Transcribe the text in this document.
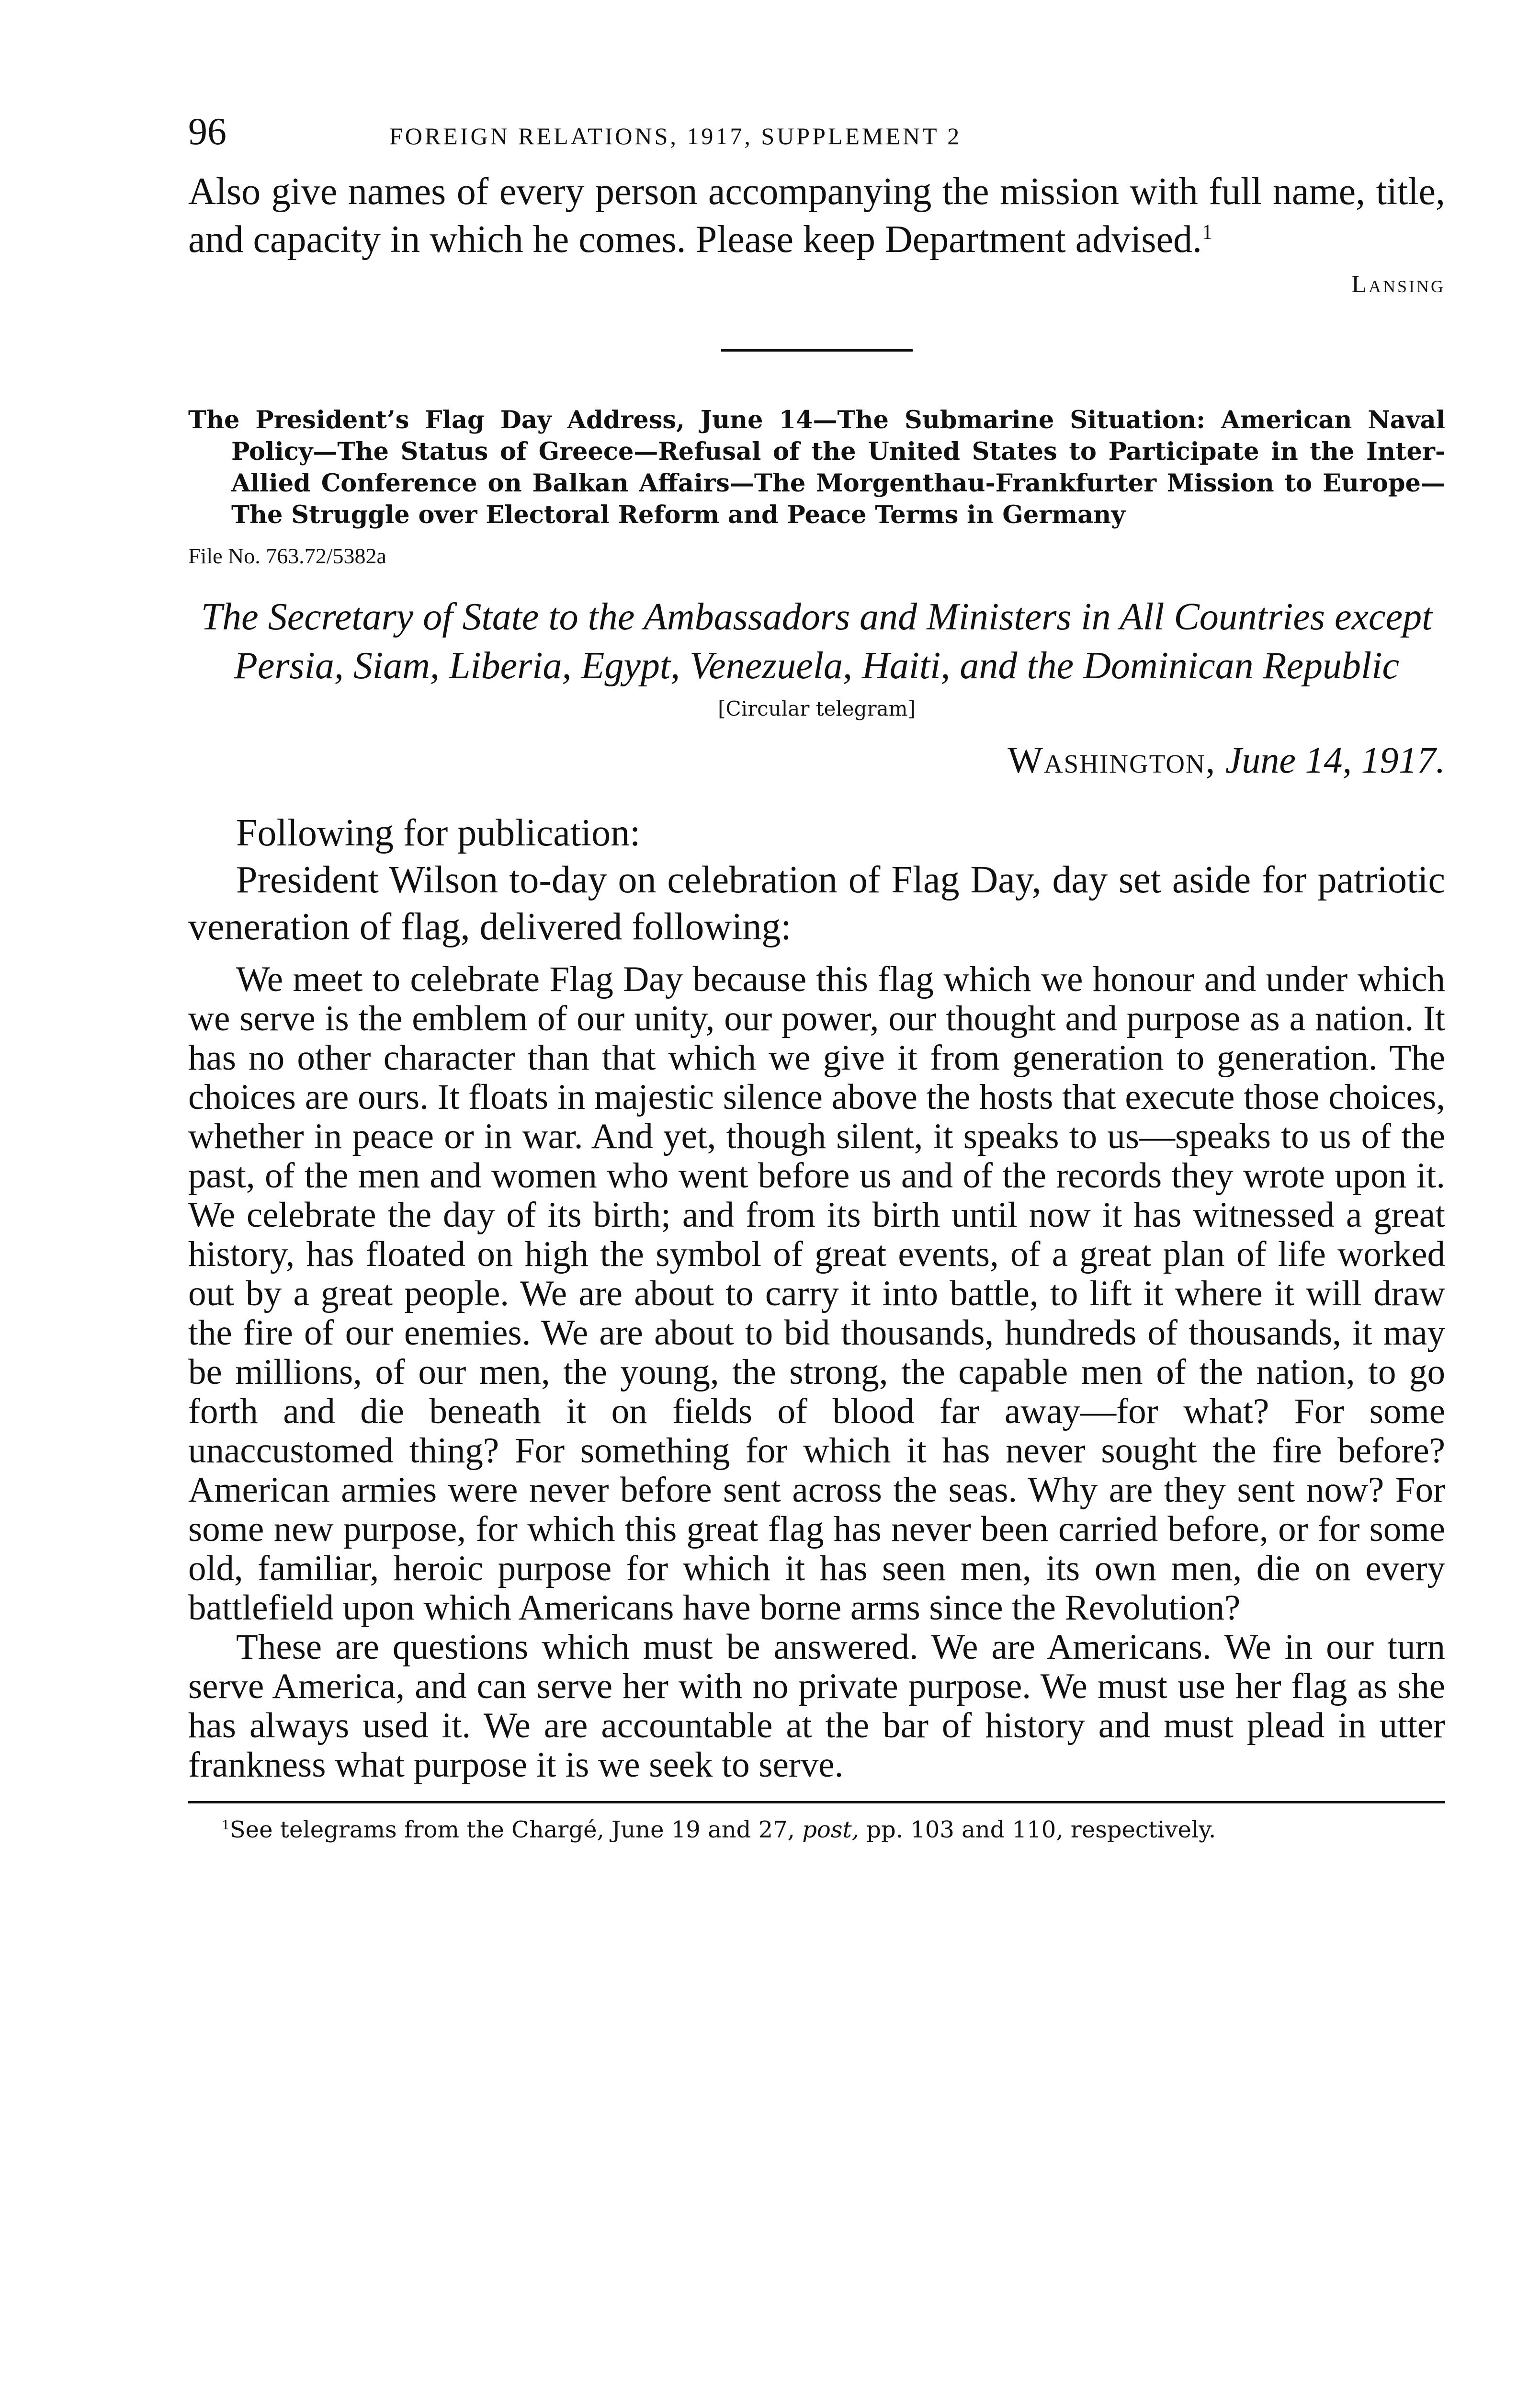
96	FOREIGN RELATIONS, 1917, SUPPLEMENT 2

Also give names of every person accompanying the mission with full name, title, and capacity in which he comes. Please keep Department advised.$^1$

Lansing
The President’s Flag Day Address, June 14—The Submarine Situation: American Naval Policy—The Status of Greece—Refusal of the United States to Participate in the Inter-Allied Conference on Balkan Affairs—The Morgenthau-Frankfurter Mission to Europe—The Struggle over Electoral Reform and Peace Terms in Germany
File No. 763.72/5382a
The Secretary of State to the Ambassadors and Ministers in All Countries except Persia, Siam, Liberia, Egypt, Venezuela, Haiti, and the Dominican Republic
[Circular telegram]
Washington, June 14, 1917.

Following for publication:

President Wilson to-day on celebration of Flag Day, day set aside for patriotic veneration of flag, delivered following:

We meet to celebrate Flag Day because this flag which we honour and under which we serve is the emblem of our unity, our power, our thought and purpose as a nation. It has no other character than that which we give it from generation to generation. The choices are ours. It floats in majestic silence above the hosts that execute those choices, whether in peace or in war. And yet, though silent, it speaks to us—speaks to us of the past, of the men and women who went before us and of the records they wrote upon it. We celebrate the day of its birth; and from its birth until now it has witnessed a great history, has floated on high the symbol of great events, of a great plan of life worked out by a great people. We are about to carry it into battle, to lift it where it will draw the fire of our enemies. We are about to bid thousands, hundreds of thousands, it may be millions, of our men, the young, the strong, the capable men of the nation, to go forth and die beneath it on fields of blood far away—for what? For some unaccustomed thing? For something for which it has never sought the fire before? American armies were never before sent across the seas. Why are they sent now? For some new purpose, for which this great flag has never been carried before, or for some old, familiar, heroic purpose for which it has seen men, its own men, die on every battlefield upon which Americans have borne arms since the Revolution?

These are questions which must be answered. We are Americans. We in our turn serve America, and can serve her with no private purpose. We must use her flag as she has always used it. We are accountable at the bar of history and must plead in utter frankness what purpose it is we seek to serve.

$^1$See telegrams from the Chargé, June 19 and 27, post, pp. 103 and 110, respectively.
